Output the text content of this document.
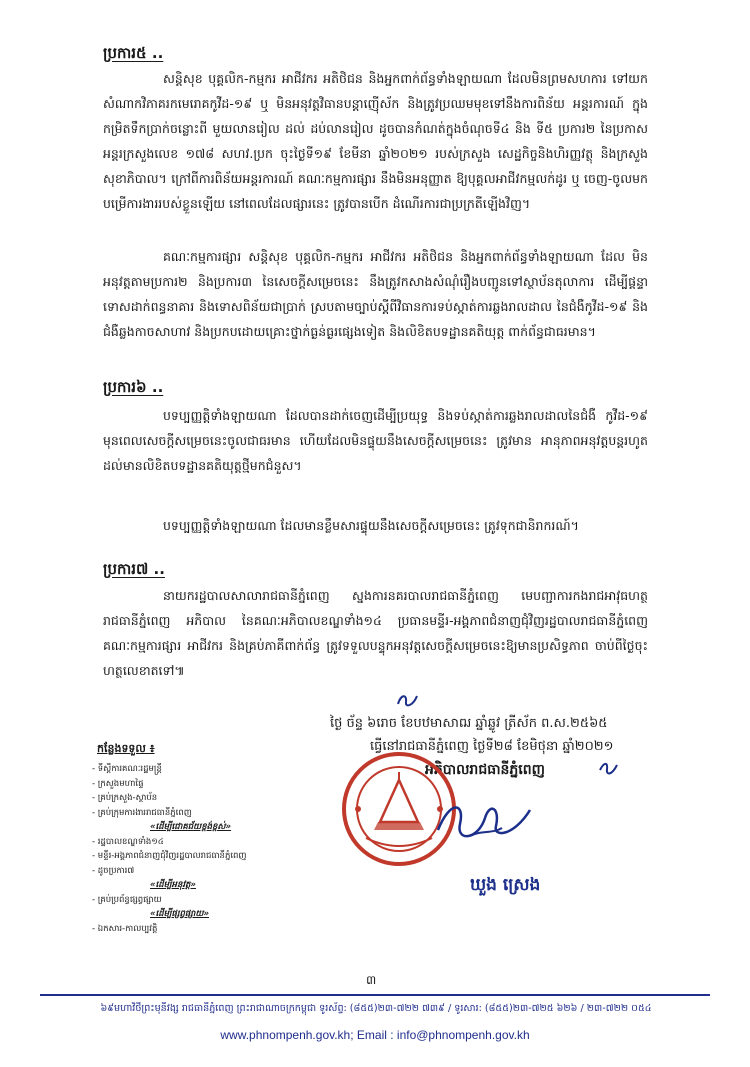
ប្រការ៥ ..
សន្តិសុខ បុគ្គលិក-កម្មករ អាជីវករ អតិថិជន និងអ្នកពាក់ព័ន្ធទាំងឡាយណា ដែលមិនព្រមសហការ ទៅយកសំណាកវិភាគរកមេរោគកូវីដ-១៩ ឬ មិនអនុវត្តវិធានបន្តាញ៉ើស័ក និងត្រូវប្រឈមមុខទៅនឹងការពិន័យ អន្តរការណ៍ ក្នុងកម្រិតទឹកប្រាក់ចន្លោះពី មួយលានរៀល ដល់ ដប់លានរៀល ដូចបានកំណត់ក្នុងចំណុចទី៤ និង ទី៥ ប្រការ២ នៃប្រកាសអន្តរក្រសួងលេខ ១៧៨ សហវ.ប្រក ចុះថ្ងៃទី១៩ ខែមីនា ឆ្នាំ២០២១ របស់ក្រសួង សេដ្ឋកិច្ចនិងហិរញ្ញវត្ថុ និងក្រសួងសុខាភិបាល។ ក្រៅពីការពិន័យអន្តរការណ៍ គណៈកម្មការផ្សារ នឹងមិនអនុញ្ញាត ឱ្យបុគ្គលអាជីវកម្មលក់ដូរ ឬ ចេញ-ចូលមកបម្រើការងាររបស់ខ្លួនឡើយ នៅពេលដែលផ្សារនេះ ត្រូវបានបើក ដំណើរការជាប្រក្រតីឡើងវិញ។
គណៈកម្មការផ្សារ សន្តិសុខ បុគ្គលិក-កម្មករ អាជីវករ អតិថិជន និងអ្នកពាក់ព័ន្ធទាំងឡាយណា ដែល មិនអនុវត្តតាមប្រការ២ និងប្រការ៣ នៃសេចក្តីសម្រេចនេះ នឹងត្រូវកសាងសំណុំរឿងបញ្ជូនទៅស្ថាប័នតុលាការ ដើម្បីផ្តន្ទាទោសដាក់ពន្ធនាគារ និងទោសពិន័យជាប្រាក់ ស្របតាមច្បាប់ស្តីពីវិធានការទប់ស្កាត់ការឆ្លងរាលដាល នៃជំងឺកូវីដ-១៩ និងជំងឺឆ្លងកាចសាហាវ និងប្រកបដោយគ្រោះថ្នាក់ធ្ងន់ធ្ងរផ្សេងទៀត និងលិខិតបទដ្ឋានគតិយុត្ត ពាក់ព័ន្ធជាធរមាន។
ប្រការ៦ ..
បទប្បញ្ញត្តិទាំងឡាយណា ដែលបានដាក់ចេញដើម្បីប្រយុទ្ធ និងទប់ស្កាត់ការឆ្លងរាលដាលនៃជំងឺ កូវីដ-១៩ មុនពេលសេចក្តីសម្រេចនេះចូលជាធរមាន ហើយដែលមិនផ្ទុយនឹងសេចក្តីសម្រេចនេះ ត្រូវមាន អានុភាពអនុវត្តបន្តរហូតដល់មានលិខិតបទដ្ឋានគតិយុត្តថ្មីមកជំនួស។
បទប្បញ្ញត្តិទាំងឡាយណា ដែលមានខ្លឹមសារផ្ទុយនឹងសេចក្តីសម្រេចនេះ ត្រូវទុកជានិរាករណ៍។
ប្រការ៧ ..
នាយករដ្ឋបាលសាលារាជធានីភ្នំពេញ ស្នងការនគរបាលរាជធានីភ្នំពេញ មេបញ្ជាការកងរាជអាវុធហត្ថ រាជធានីភ្នំពេញ អភិបាល នៃគណៈអភិបាលខណ្ឌទាំង១៤ ប្រធានមន្ទីរ-អង្គភាពជំនាញជុំវិញរដ្ឋបាលរាជធានីភ្នំពេញ គណៈកម្មការផ្សារ អាជីវករ និងគ្រប់ភាគីពាក់ព័ន្ធ ត្រូវទទួលបន្ទុកអនុវត្តសេចក្តីសម្រេចនេះឱ្យមានប្រសិទ្ធភាព ចាប់ពីថ្ងៃចុះហត្ថលេខាតទៅ៕
ថ្ងៃ ច័ន្ទ ៦រោច ខែបឋមាសាឍ ឆ្នាំឆ្លូវ ត្រីស័ក ព.ស.២៥៦៥
ធ្វើនៅរាជធានីភ្នំពេញ ថ្ងៃទី២៨ ខែមិថុនា ឆ្នាំ២០២១
អភិបាលរាជធានីភ្នំពេញ
ឃួង ស្រេង
កន្លែងទទួល ៖
- ទីស្តីការគណៈរដ្ឋមន្ត្រី
- ក្រសួងមហាផ្ទៃ
- គ្រប់ក្រសួង-ស្ថាប័ន
- គ្រប់ក្រុមការងាររាជធានីភ្នំពេញ
«ដើម្បីជោគជ័យខ្ពង់ខ្ពស់»
- រដ្ឋបាលខណ្ឌទាំង១៤
- មន្ទីរ-អង្គភាពជំនាញជុំវិញរដ្ឋបាលរាជធានីភ្នំពេញ
- ដូចប្រការ៧
«ដើម្បីអនុវត្ត»
- គ្រប់ប្រព័ន្ធផ្សព្វផ្សាយ
«ដើម្បីផ្សព្វផ្សាយ»
- ឯកសារ-កាលប្បវត្តិ
៣
៦៩មហាវិថីព្រះមុនីវង្ស រាជធានីភ្នំពេញ ព្រះរាជាណាចក្រកម្ពុជា ទូរស័ព្ទ: (៨៥៥)២៣-៧២២ ៧៣៩ / ទូរសារ: (៨៥៥)២៣-៧២៥ ៦២៦ / ២៣-៧២២ ០៥៤
www.phnompenh.gov.kh; Email : info@phnompenh.gov.kh
